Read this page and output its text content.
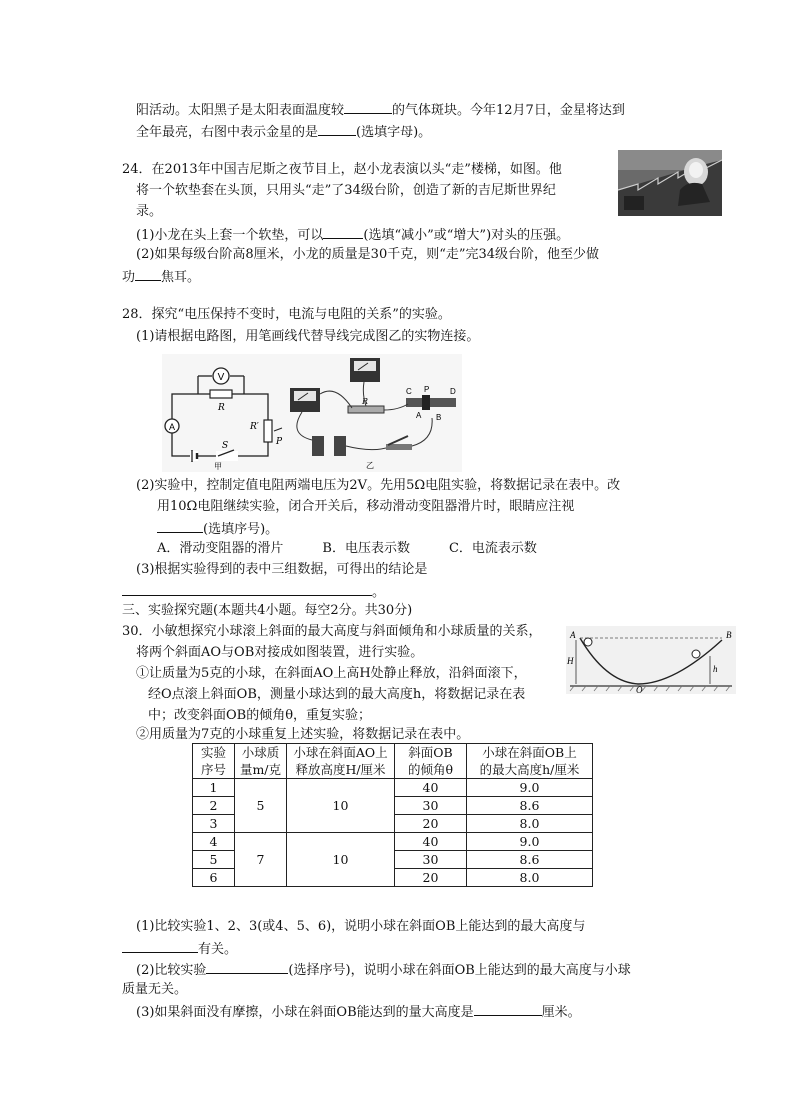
阳活动。太阳黑子是太阳表面温度较	的气体斑块。今年12月7日，金星将达到
全年最亮，右图中表示金星的是	(选填字母)。
24．在2013年中国吉尼斯之夜节目上，赵小龙表演以头“走”楼梯，如图。他
将一个软垫套在头顶，只用头“走”了34级台阶，创造了新的吉尼斯世界纪
录。
(1)小龙在头上套一个软垫，可以	(选填“减小”或“增大”)对头的压强。
(2)如果每级台阶高8厘米，小龙的质量是30千克，则“走”完34级台阶，他至少做
功 焦耳。
28．探究“电压保持不变时，电流与电阻的关系”的实验。
(1)请根据电路图，用笔画线代替导线完成图乙的实物连接。
V
R
A	R′
P
S
甲
R
C P	D
A B
乙
(2)实验中，控制定值电阻两端电压为2V。先用5Ω电阻实验，将数据记录在表中。改
用10Ω电阻继续实验，闭合开关后，移动滑动变阻器滑片时，眼睛应注视
(选填序号)。
A．滑动变阻器的滑片　　　B．电压表示数　　　C．电流表示数
(3)根据实验得到的表中三组数据，可得出的结论是
。
三、实验探究题(本题共4小题。每空2分。共30分)
30．小敏想探究小球滚上斜面的最大高度与斜面倾角和小球质量的关系，
将两个斜面AO与OB对接成如图装置，进行实验。
①让质量为5克的小球，在斜面AO上高H处静止释放，沿斜面滚下，
经O点滚上斜面OB，测量小球达到的最大高度h，将数据记录在表
中；改变斜面OB的倾角θ，重复实验；
②用质量为7克的小球重复上述实验，将数据记录在表中。
A	B
O
H
h
实验
序号	小球质
量m/克	小球在斜面AO上
释放高度H/厘米	斜面OB
的倾角θ	小球在斜面OB上
的最大高度h/厘米
1	5	10	40	9.0
2			30	8.6
3			20	8.0
4	7	10	40	9.0
5			30	8.6
6			20	8.0
(1)比较实验1、2、3(或4、5、6)，说明小球在斜面OB上能达到的最大高度与
有关。
(2)比较实验	(选择序号)，说明小球在斜面OB上能达到的最大高度与小球
质量无关。
(3)如果斜面没有摩擦，小球在斜面OB能达到的量大高度是	厘米。
